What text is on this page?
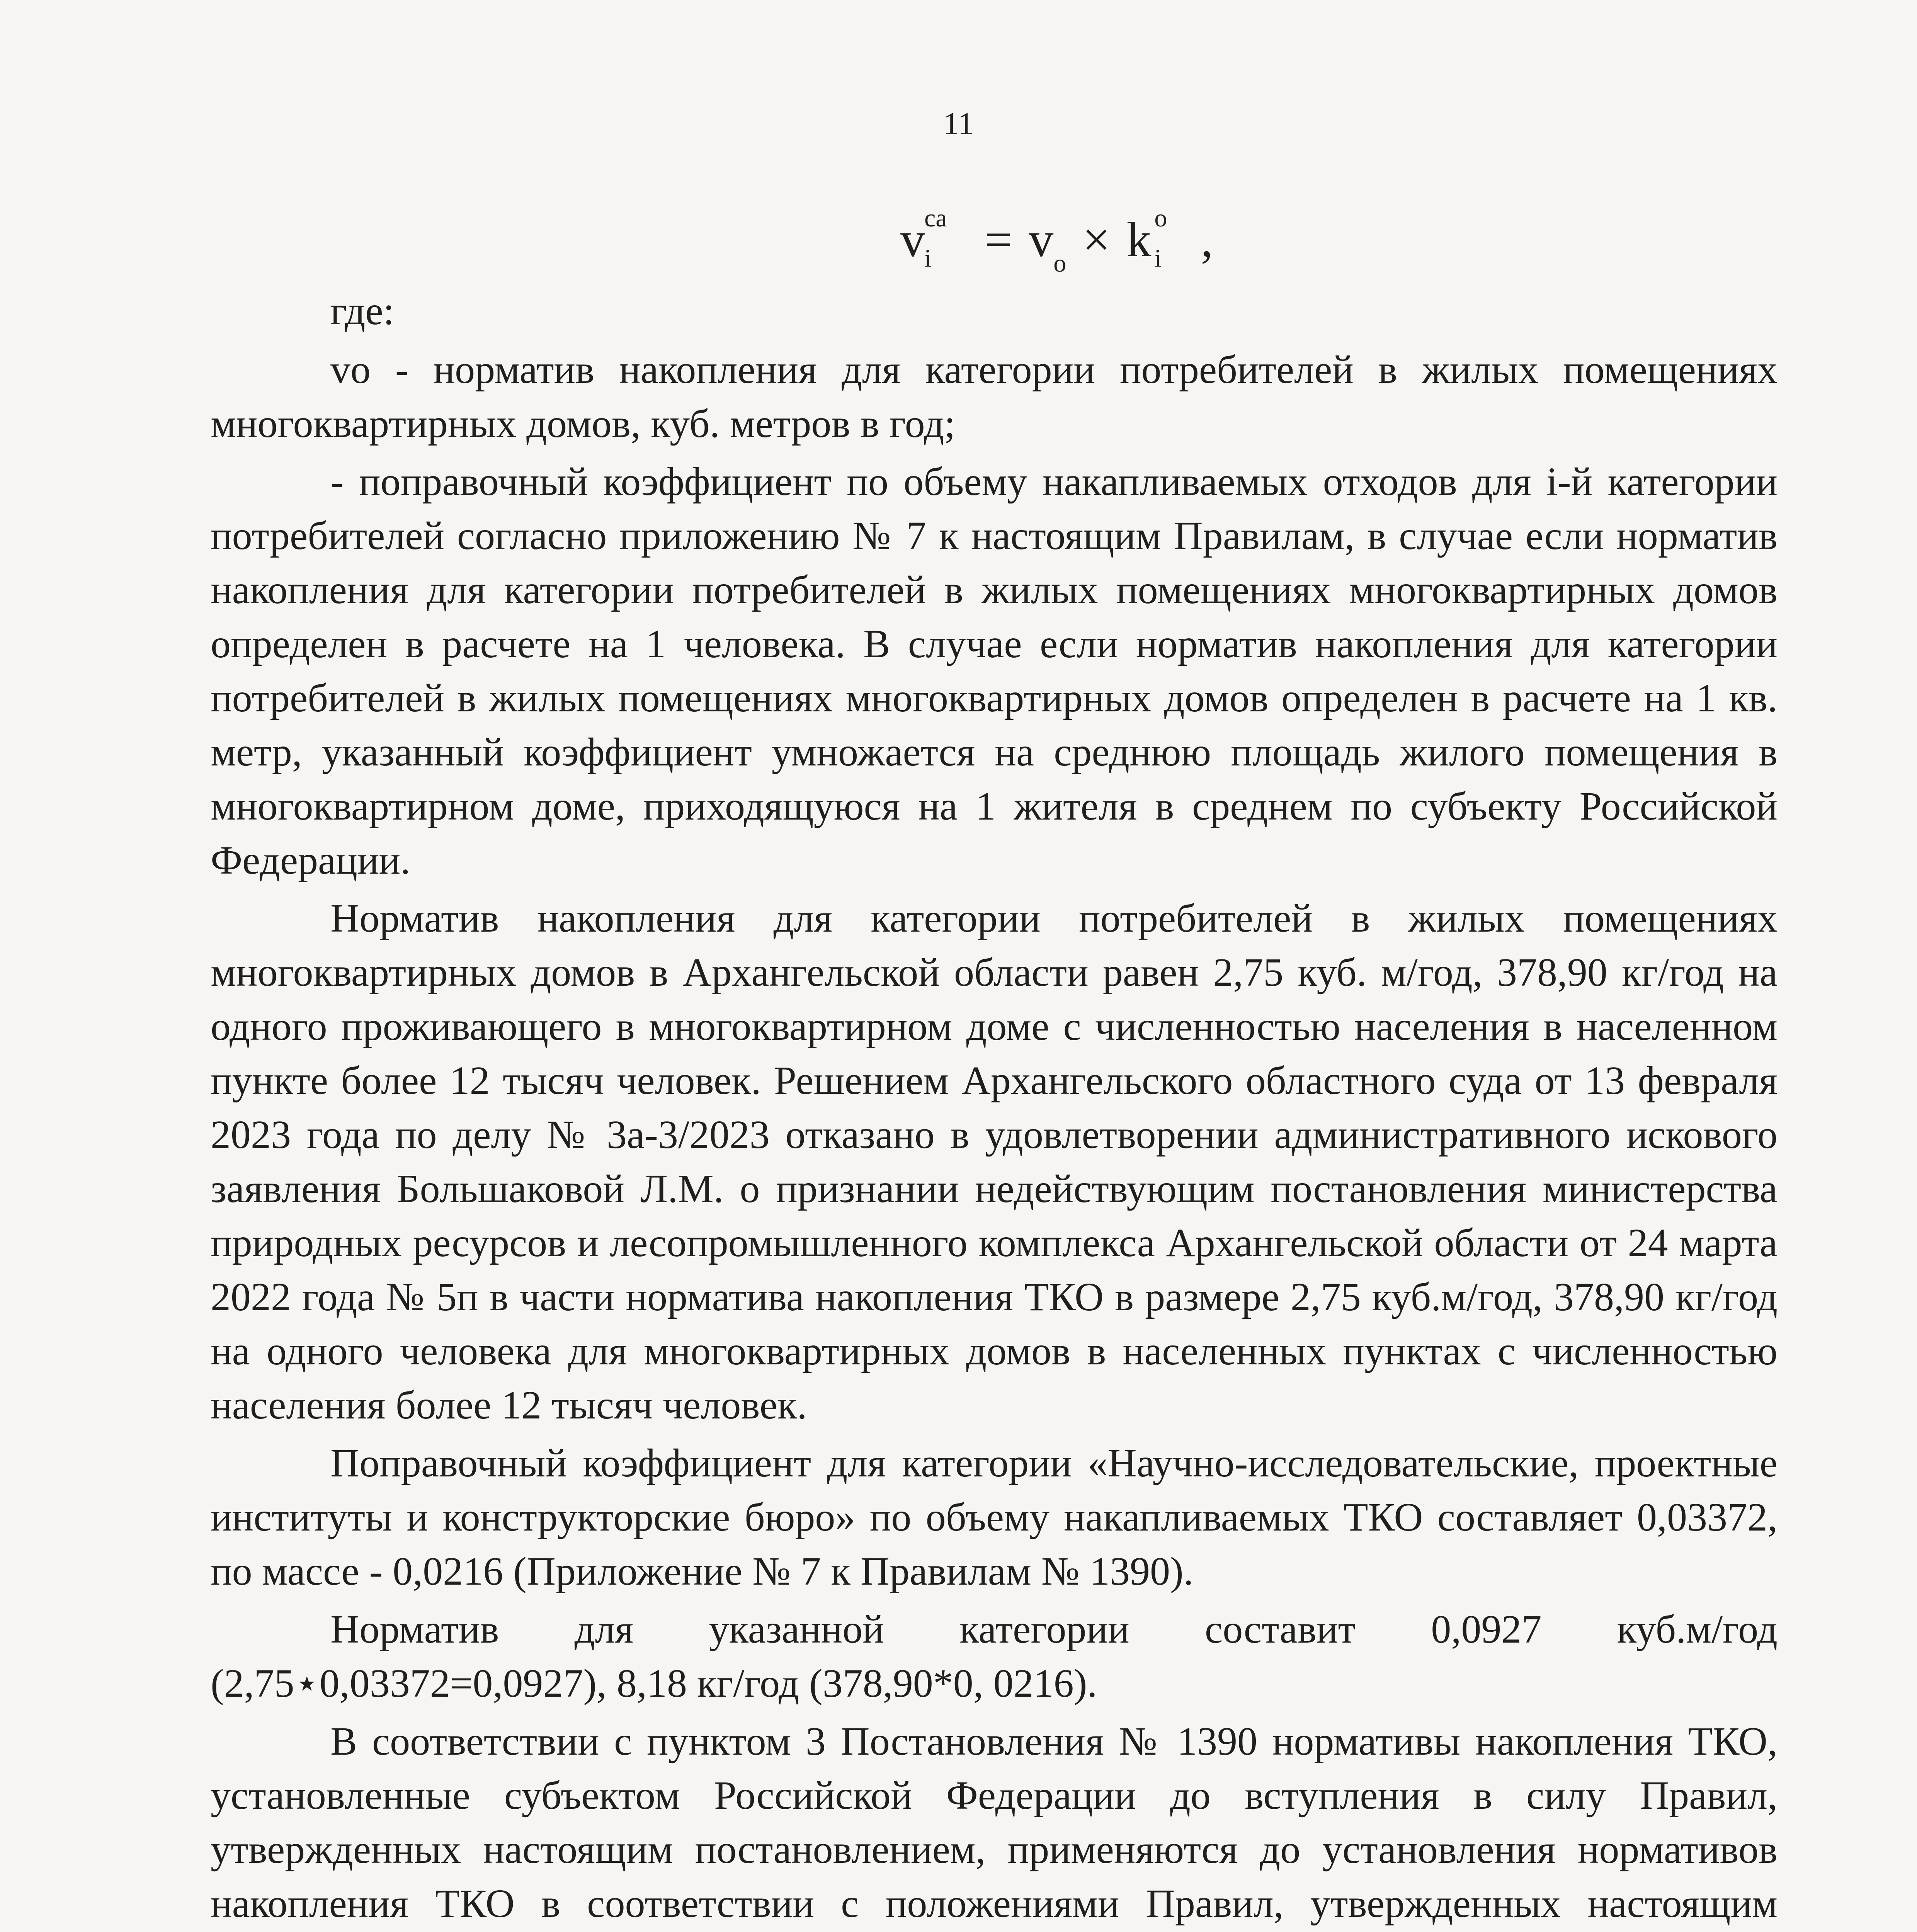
11
v
ca
$i = v_o \times k$ o
i ,

где:

vo - норматив накопления для категории потребителей в жилых помещениях многоквартирных домов, куб. метров в год;

- поправочный коэффициент по объему накапливаемых отходов для i-й категории потребителей согласно приложению № 7 к настоящим Правилам, в случае если норматив накопления для категории потребителей в жилых помещениях многоквартирных домов определен в расчете на 1 человека. В случае если норматив накопления для категории потребителей в жилых помещениях многоквартирных домов определен в расчете на 1 кв. метр, указанный коэффициент умножается на среднюю площадь жилого помещения в многоквартирном доме, приходящуюся на 1 жителя в среднем по субъекту Российской Федерации.

Норматив накопления для категории потребителей в жилых помещениях многоквартирных домов в Архангельской области равен 2,75 куб. м/год, 378,90 кг/год на одного проживающего в многоквартирном доме с численностью населения в населенном пункте более 12 тысяч человек. Решением Архангельского областного суда от 13 февраля 2023 года по делу № 3а-3/2023 отказано в удовлетворении административного искового заявления Большаковой Л.М. о признании недействующим постановления министерства природных ресурсов и лесопромышленного комплекса Архангельской области от 24 марта 2022 года № 5п в части норматива накопления ТКО в размере 2,75 куб.м/год, 378,90 кг/год на одного человека для многоквартирных домов в населенных пунктах с численностью населения более 12 тысяч человек.

Поправочный коэффициент для категории «Научно-исследовательские, проектные институты и конструкторские бюро» по объему накапливаемых ТКО составляет 0,03372, по массе - 0,0216 (Приложение № 7 к Правилам № 1390).

Норматив для указанной категории составит 0,0927 куб.м/год (2,75⋆0,03372=0,0927), 8,18 кг/год (378,90*0, 0216).

В соответствии с пунктом 3 Постановления № 1390 нормативы накопления ТКО, установленные субъектом Российской Федерации до вступления в силу Правил, утвержденных настоящим постановлением, применяются до установления нормативов накопления ТКО в соответствии с положениями Правил, утвержденных настоящим
